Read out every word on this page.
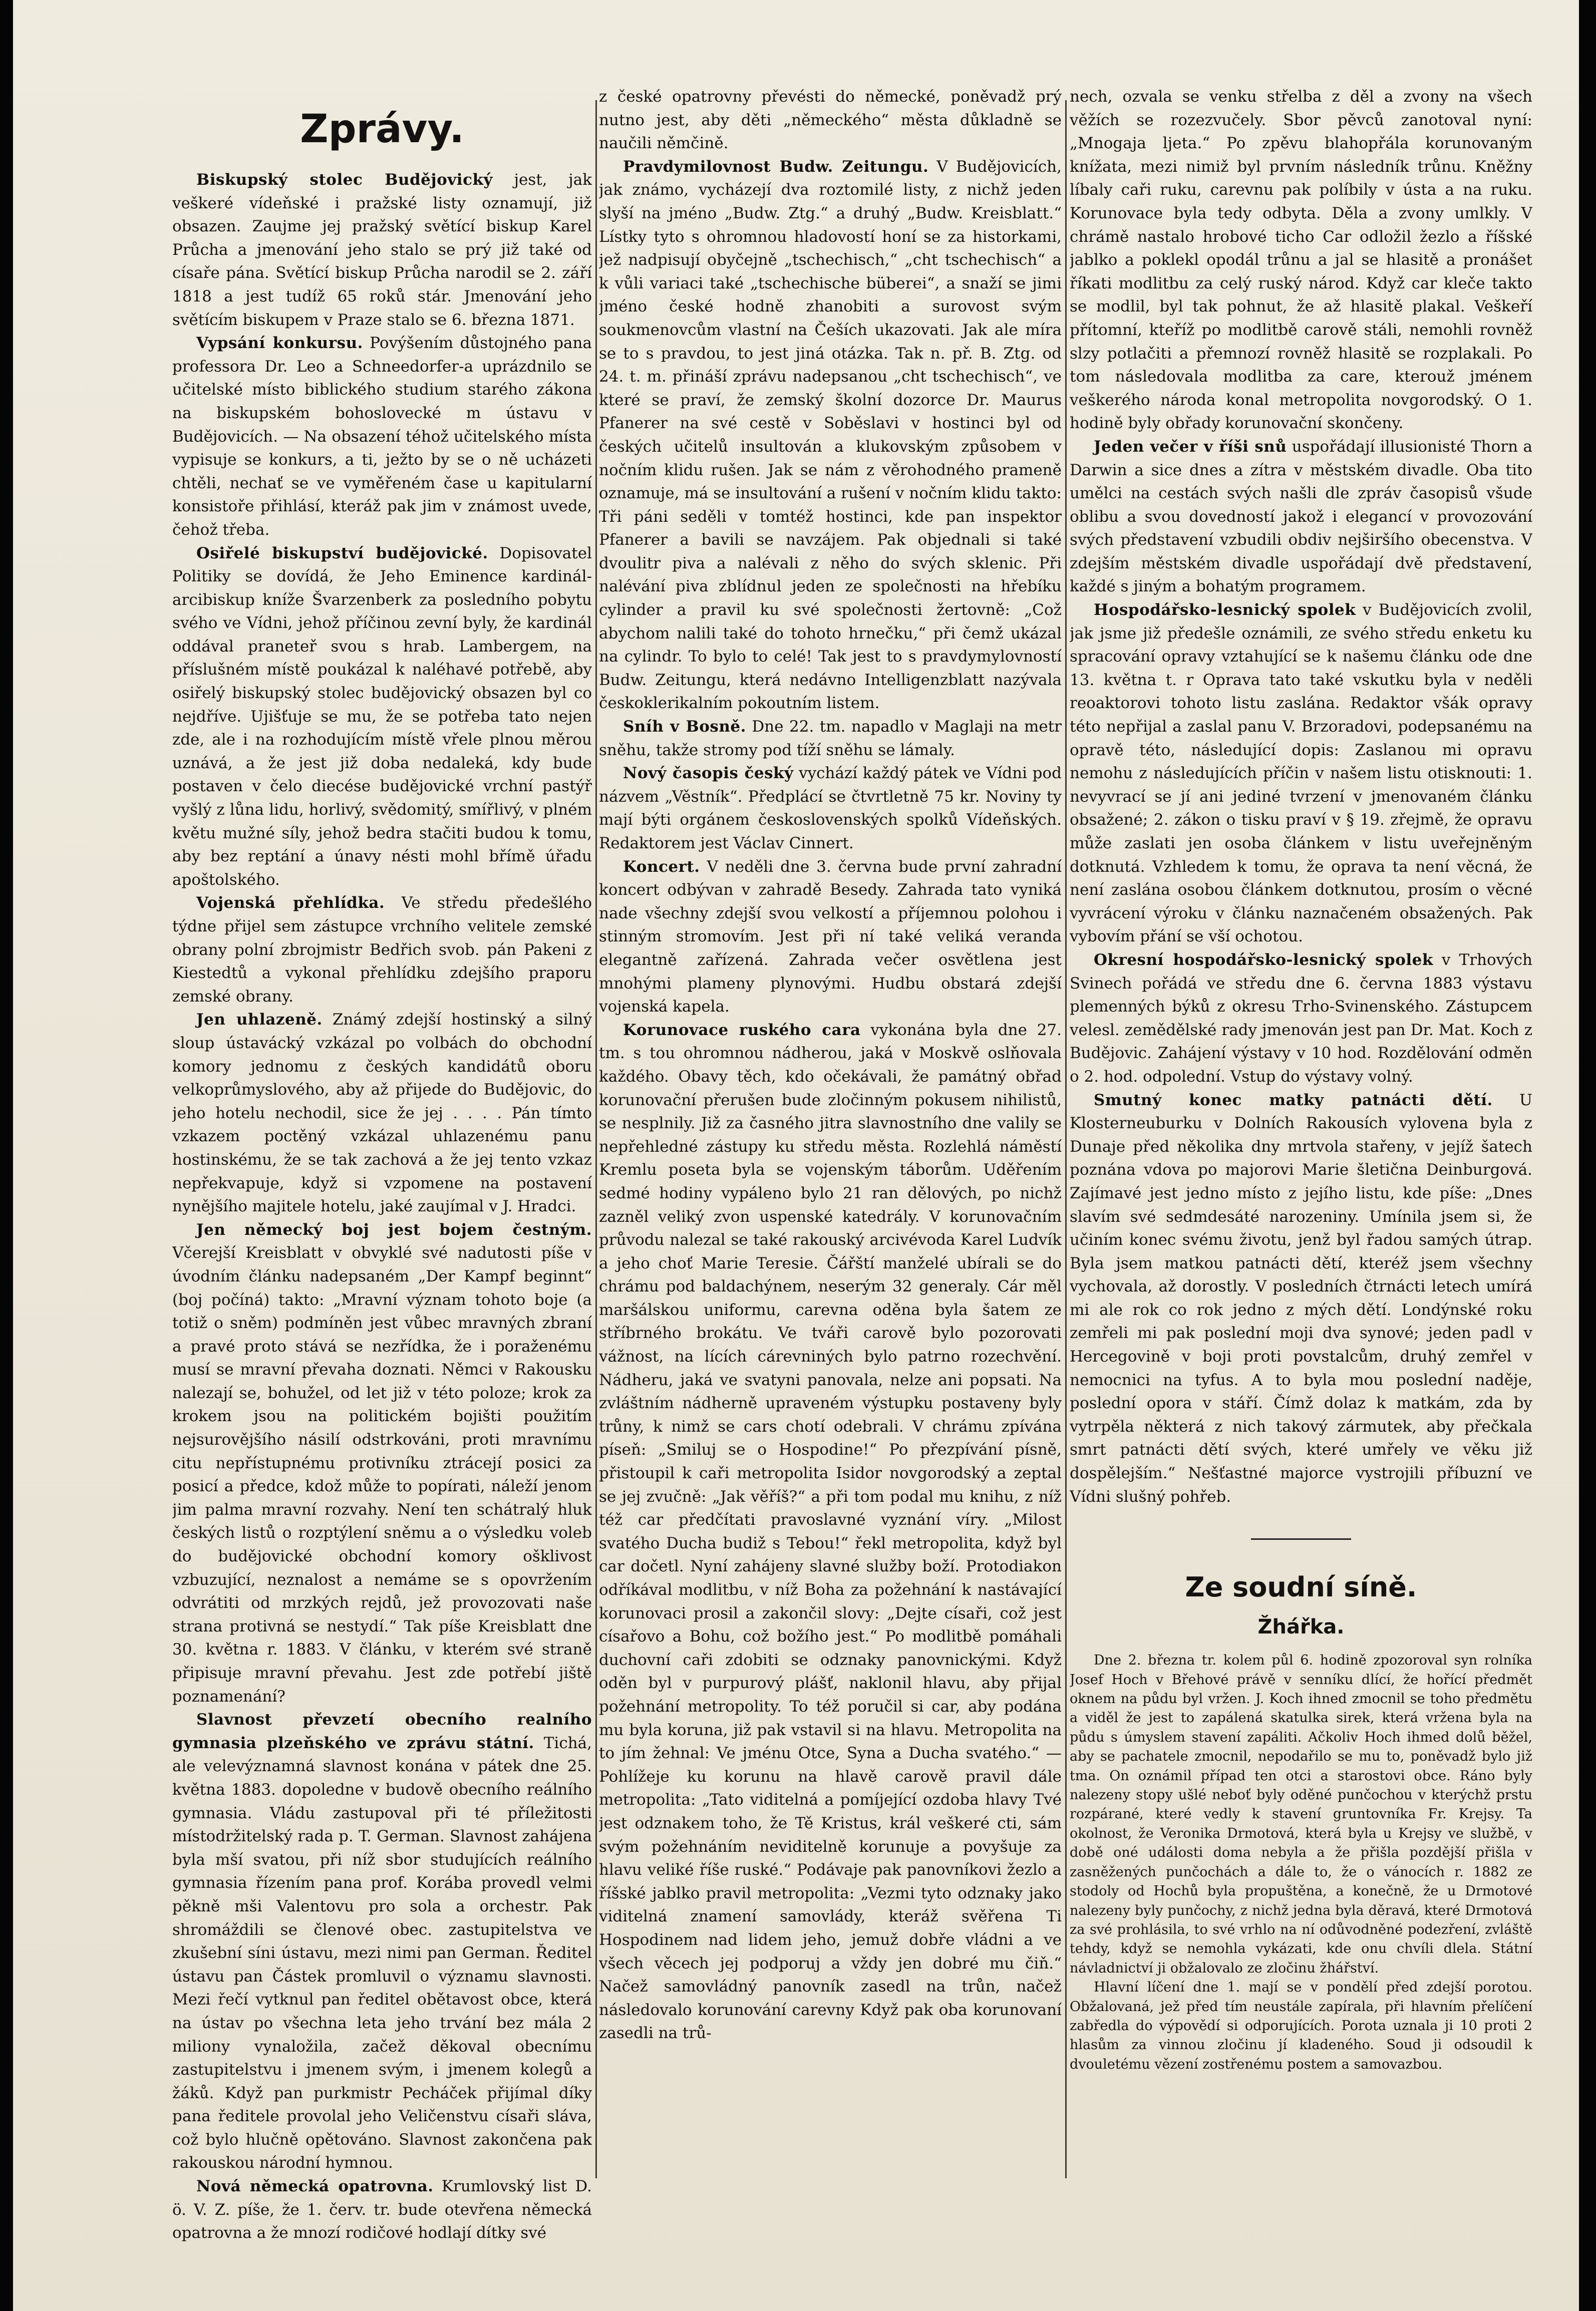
Zprávy.

Biskupský stolec Budějovický jest, jak veškeré vídeňské i pražské listy oznamují, již obsazen. Zaujme jej pražský světící biskup Karel Průcha a jmenování jeho stalo se prý již také od císaře pána. Světící biskup Průcha narodil se 2. září 1818 a jest tudíž 65 roků stár. Jmenování jeho světícím biskupem v Praze stalo se 6. března 1871.

Vypsání konkursu. Povýšením důstojného pana professora Dr. Leo a Schneedorfer-a uprázdnilo se učitelské místo biblického studium starého zákona na biskupském bohoslovecké m ústavu v Budějovicích. — Na obsazení téhož učitelského místa vypisuje se konkurs, a ti, ježto by se o ně ucházeti chtěli, nechať se ve vyměřeném čase u kapitularní konsistoře přihlásí, kteráž pak jim v známost uvede, čehož třeba.

Osiřelé biskupství budějovické. Dopisovatel Politiky se dovídá, že Jeho Eminence kardinál-arcibiskup kníže Švarzenberk za posledního pobytu svého ve Vídni, jehož příčinou zevní byly, že kardinál oddával praneteř svou s hrab. Lambergem, na příslušném místě poukázal k naléhavé potřebě, aby osiřelý biskupský stolec budějovický obsazen byl co nejdříve. Ujišťuje se mu, že se potřeba tato nejen zde, ale i na rozhodujícím místě vřele plnou měrou uznává, a že jest již doba nedaleká, kdy bude postaven v čelo diecése budějovické vrchní pastýř vyšlý z lůna lidu, horlivý, svědomitý, smířlivý, v plném květu mužné síly, jehož bedra stačiti budou k tomu, aby bez reptání a únavy nésti mohl břímě úřadu apoštolského.

Vojenská přehlídka. Ve středu předešlého týdne přijel sem zástupce vrchního velitele zemské obrany polní zbrojmistr Bedřich svob. pán Pakeni z Kiestedtů a vykonal přehlídku zdejšího praporu zemské obrany.

Jen uhlazeně. Známý zdejší hostinský a silný sloup ústavácký vzkázal po volbách do obchodní komory jednomu z českých kandidátů oboru velkoprůmyslového, aby až přijede do Budějovic, do jeho hotelu nechodil, sice že jej . . . . Pán tímto vzkazem poctěný vzkázal uhlazenému panu hostinskému, že se tak zachová a že jej tento vzkaz nepřekvapuje, když si vzpomene na postavení nynějšího majitele hotelu, jaké zaujímal v J. Hradci.

Jen německý boj jest bojem čestným. Včerejší Kreisblatt v obvyklé své nadutosti píše v úvodním článku nadepsaném „Der Kampf beginnt“ (boj počíná) takto: „Mravní význam tohoto boje (a totiž o sněm) podmíněn jest vůbec mravných zbraní a pravé proto stává se nezřídka, že i poraženému musí se mravní převaha doznati. Němci v Rakousku nalezají se, bohužel, od let již v této poloze; krok za krokem jsou na politickém bojišti použitím nejsurovějšího násilí odstrkováni, proti mravnímu citu nepřístupnému protivníku ztrácejí posici za posicí a předce, kdož může to popírati, náleží jenom jim palma mravní rozvahy. Není ten schátralý hluk českých listů o rozptýlení sněmu a o výsledku voleb do budějovické obchodní komory ošklivost vzbuzující, neznalost a nemáme se s opovržením odvrátiti od mrzkých rejdů, jež provozovati naše strana protivná se nestydí.“ Tak píše Kreisblatt dne 30. května r. 1883. V článku, v kterém své straně připisuje mravní převahu. Jest zde potřebí jiště poznamenání?

Slavnost převzetí obecního realního gymnasia plzeňského ve zprávu státní. Tichá, ale velevýznamná slavnost konána v pátek dne 25. května 1883. dopoledne v budově obecního reálního gymnasia. Vládu zastupoval při té příležitosti místodržitelský rada p. T. German. Slavnost zahájena byla mší svatou, při níž sbor studujících reálního gymnasia řízením pana prof. Korába provedl velmi pěkně mši Valentovu pro sola a orchestr. Pak shromáždili se členové obec. zastupitelstva ve zkušební síni ústavu, mezi nimi pan German. Ředitel ústavu pan Částek promluvil o významu slavnosti. Mezi řečí vytknul pan ředitel obětavost obce, která na ústav po všechna leta jeho trvání bez mála 2 miliony vynaložila, začež děkoval obecnímu zastupitelstvu i jmenem svým, i jmenem kolegů a žáků. Když pan purkmistr Pecháček přijímal díky pana ředitele provolal jeho Veličenstvu císaři sláva, což bylo hlučně opětováno. Slavnost zakončena pak rakouskou národní hymnou.

Nová německá opatrovna. Krumlovský list D. ö. V. Z. píše, že 1. červ. tr. bude otevřena německá opatrovna a že mnozí rodičové hodlají dítky své

z české opatrovny převésti do německé, poněvadž prý nutno jest, aby děti „německého“ města důkladně se naučili němčině.

Pravdymilovnost Budw. Zeitungu. V Budějovicích, jak známo, vycházejí dva roztomilé listy, z nichž jeden slyší na jméno „Budw. Ztg.“ a druhý „Budw. Kreisblatt.“ Lístky tyto s ohromnou hladovostí honí se za historkami, jež nadpisují obyčejně „tschechisch,“ „cht tschechisch“ a k vůli variaci také „tschechische büberei“, a snaží se jimi jméno české hodně zhanobiti a surovost svým soukmenovcům vlastní na Češích ukazovati. Jak ale míra se to s pravdou, to jest jiná otázka. Tak n. př. B. Ztg. od 24. t. m. přináší zprávu nadepsanou „cht tschechisch“, ve které se praví, že zemský školní dozorce Dr. Maurus Pfanerer na své cestě v Soběslavi v hostinci byl od českých učitelů insultován a klukovským způsobem v nočním klidu rušen. Jak se nám z věrohodného prameně oznamuje, má se insultování a rušení v nočním klidu takto: Tři páni seděli v tomtéž hostinci, kde pan inspektor Pfanerer a bavili se navzájem. Pak objednali si také dvoulitr piva a nalévali z něho do svých sklenic. Při nalévání piva zblídnul jeden ze společnosti na hřebíku cylinder a pravil ku své společnosti žertovně: „Což abychom nalili také do tohoto hrnečku,“ při čemž ukázal na cylindr. To bylo to celé! Tak jest to s pravdymylovností Budw. Zeitungu, která nedávno Intelligenzblatt nazývala českoklerikalním pokoutním listem.

Sníh v Bosně. Dne 22. tm. napadlo v Maglaji na metr sněhu, takže stromy pod tíží sněhu se lámaly.

Nový časopis český vychází každý pátek ve Vídni pod názvem „Věstník“. Předplácí se čtvrtletně 75 kr. Noviny ty mají býti orgánem československých spolků Vídeňských. Redaktorem jest Václav Cinnert.

Koncert. V neděli dne 3. června bude první zahradní koncert odbývan v zahradě Besedy. Zahrada tato vyniká nade všechny zdejší svou velkostí a příjemnou polohou i stinným stromovím. Jest při ní také veliká veranda elegantně zařízená. Zahrada večer osvětlena jest mnohými plameny plynovými. Hudbu obstará zdejší vojenská kapela.

Korunovace ruského cara vykonána byla dne 27. tm. s tou ohromnou nádherou, jaká v Moskvě oslňovala každého. Obavy těch, kdo očekávali, že památný obřad korunovační přerušen bude zločinným pokusem nihilistů, se nesplnily. Již za časného jitra slavnostního dne valily se nepřehledné zástupy ku středu města. Rozlehlá náměstí Kremlu poseta byla se vojenským táborům. Uděřením sedmé hodiny vypáleno bylo 21 ran dělových, po nichž zazněl veliký zvon uspenské katedrály. V korunovačním průvodu nalezal se také rakouský arcivévoda Karel Ludvík a jeho choť Marie Teresie. Čářští manželé ubírali se do chrámu pod baldachýnem, neserým 32 generaly. Cár měl maršálskou uniformu, carevna oděna byla šatem ze stříbrného brokátu. Ve tváři carově bylo pozorovati vážnost, na lících cárevniných bylo patrno rozechvění. Nádheru, jaká ve svatyni panovala, nelze ani popsati. Na zvláštním nádherně upraveném výstupku postaveny byly trůny, k nimž se cars chotí odebrali. V chrámu zpívána píseň: „Smiluj se o Hospodine!“ Po přezpívání písně, přistoupil k caři metropolita Isidor novgorodský a zeptal se jej zvučně: „Jak věříš?“ a při tom podal mu knihu, z níž též car předčítati pravoslavné vyznání víry. „Milost svatého Ducha budiž s Tebou!“ řekl metropolita, když byl car dočetl. Nyní zahájeny slavné služby boží. Protodiakon odříkával modlitbu, v níž Boha za požehnání k nastávající korunovaci prosil a zakončil slovy: „Dejte císaři, což jest císařovo a Bohu, což božího jest.“ Po modlitbě pomáhali duchovní caři zdobiti se odznaky panovnickými. Když oděn byl v purpurový plášť, naklonil hlavu, aby přijal požehnání metropolity. To též poručil si car, aby podána mu byla koruna, již pak vstavil si na hlavu. Metropolita na to jím žehnal: Ve jménu Otce, Syna a Ducha svatého.“ — Pohlížeje ku korunu na hlavě carově pravil dále metropolita: „Tato viditelná a pomíjející ozdoba hlavy Tvé jest odznakem toho, že Tě Kristus, král veškeré cti, sám svým požehnáním neviditelně korunuje a povyšuje za hlavu veliké říše ruské.“ Podávaje pak panovníkovi žezlo a říšské jablko pravil metropolita: „Vezmi tyto odznaky jako viditelná znamení samovlády, kteráž svěřena Ti Hospodinem nad lidem jeho, jemuž dobře vládni a ve všech věcech jej podporuj a vždy jen dobré mu čiň.“ Načež samovládný panovník zasedl na trůn, načež následovalo korunování carevny Když pak oba korunovaní zasedli na trů-

nech, ozvala se venku střelba z děl a zvony na všech věžích se rozezvučely. Sbor pěvců zanotoval nyní: „Mnogaja ljeta.“ Po zpěvu blahopřála korunovaným knížata, mezi nimiž byl prvním následník trůnu. Kněžny líbaly caři ruku, carevnu pak políbily v ústa a na ruku. Korunovace byla tedy odbyta. Děla a zvony umlkly. V chrámě nastalo hrobové ticho Car odložil žezlo a říšské jablko a poklekl opodál trůnu a jal se hlasitě a pronášet říkati modlitbu za celý ruský národ. Když car kleče takto se modlil, byl tak pohnut, že až hlasitě plakal. Veškeří přítomní, kteříž po modlitbě carově stáli, nemohli rovněž slzy potlačiti a přemnozí rovněž hlasitě se rozplakali. Po tom následovala modlitba za care, kterouž jménem veškerého národa konal metropolita novgorodský. O 1. hodině byly obřady korunovační skončeny.

Jeden večer v říši snů uspořádají illusionisté Thorn a Darwin a sice dnes a zítra v městském divadle. Oba tito umělci na cestách svých našli dle zpráv časopisů všude oblibu a svou dovedností jakož i elegancí v provozování svých představení vzbudili obdiv nejširšího obecenstva. V zdejším městském divadle uspořádají dvě představení, každé s jiným a bohatým programem.

Hospodářsko-lesnický spolek v Budějovicích zvolil, jak jsme již předešle oznámili, ze svého středu enketu ku spracování opravy vztahující se k našemu článku ode dne 13. května t. r Oprava tato také vskutku byla v neděli reoaktorovi tohoto listu zaslána. Redaktor všák opravy této nepřijal a zaslal panu V. Brzoradovi, podepsanému na opravě této, následující dopis: Zaslanou mi opravu nemohu z následujících příčin v našem listu otisknouti: 1. nevyvrací se jí ani jediné tvrzení v jmenovaném článku obsažené; 2. zákon o tisku praví v § 19. zřejmě, že opravu může zaslati jen osoba článkem v listu uveřejněným dotknutá. Vzhledem k tomu, že oprava ta není věcná, že není zaslána osobou článkem dotknutou, prosím o věcné vyvrácení výroku v článku naznačeném obsažených. Pak vybovím přání se vší ochotou.

Okresní hospodářsko-lesnický spolek v Trhových Svinech pořádá ve středu dne 6. června 1883 výstavu plemenných býků z okresu Trho-Svinenského. Zástupcem velesl. zemědělské rady jmenován jest pan Dr. Mat. Koch z Budějovic. Zahájení výstavy v 10 hod. Rozdělování odměn o 2. hod. odpolední. Vstup do výstavy volný.

Smutný konec matky patnácti dětí. U Klosterneuburku v Dolních Rakousích vylovena byla z Dunaje před několika dny mrtvola stařeny, v jejíž šatech poznána vdova po majorovi Marie šletična Deinburgová. Zajímavé jest jedno místo z jejího listu, kde píše: „Dnes slavím své sedmdesáté narozeniny. Umínila jsem si, že učiním konec svému životu, jenž byl řadou samých útrap. Byla jsem matkou patnácti dětí, kteréž jsem všechny vychovala, až dorostly. V posledních čtrnácti letech umírá mi ale rok co rok jedno z mých dětí. Londýnské roku zemřeli mi pak poslední moji dva synové; jeden padl v Hercegovině v boji proti povstalcům, druhý zemřel v nemocnici na tyfus. A to byla mou poslední naděje, poslední opora v stáří. Čímž dolaz k matkám, zda by vytrpěla některá z nich takový zármutek, aby přečkala smrt patnácti dětí svých, které umřely ve věku již dospělejším.“ Nešťastné majorce vystrojili příbuzní ve Vídni slušný pohřeb.

Ze soudní síně.
Žhářka.

Dne 2. března tr. kolem půl 6. hodině zpozoroval syn rolníka Josef Hoch v Břehové právě v senníku dlící, že hořící předmět oknem na půdu byl vržen. J. Koch ihned zmocnil se toho předmětu a viděl že jest to zapálená skatulka sirek, která vržena byla na půdu s úmyslem stavení zapáliti. Ačkoliv Hoch ihmed dolů běžel, aby se pachatele zmocnil, nepodařilo se mu to, poněvadž bylo již tma. On oznámil případ ten otci a starostovi obce. Ráno byly nalezeny stopy ušlé neboť byly oděné punčochou v kterýchž prstu rozpárané, které vedly k stavení gruntovníka Fr. Krejsy. Ta okolnost, že Veronika Drmotová, která byla u Krejsy ve službě, v době oné události doma nebyla a že přišla pozdější přišla v zasněžených punčochách a dále to, že o vánocích r. 1882 ze stodoly od Hochů byla propuštěna, a konečně, že u Drmotové nalezeny byly punčochy, z nichž jedna byla děravá, které Drmotová za své prohlásila, to své vrhlo na ní odůvodněné podezření, zvláště tehdy, když se nemohla vykázati, kde onu chvíli dlela. Státní návladnictví ji obžalovalo ze zločinu žhářství.

Hlavní líčení dne 1. mají se v pondělí před zdejší porotou. Obžalovaná, jež před tím neustále zapírala, při hlavním přelíčení zabředla do výpovědí si odporujících. Porota uznala ji 10 proti 2 hlasům za vinnou zločinu jí kladeného. Soud ji odsoudil k dvouletému vězení zostřenému postem a samovazbou.
